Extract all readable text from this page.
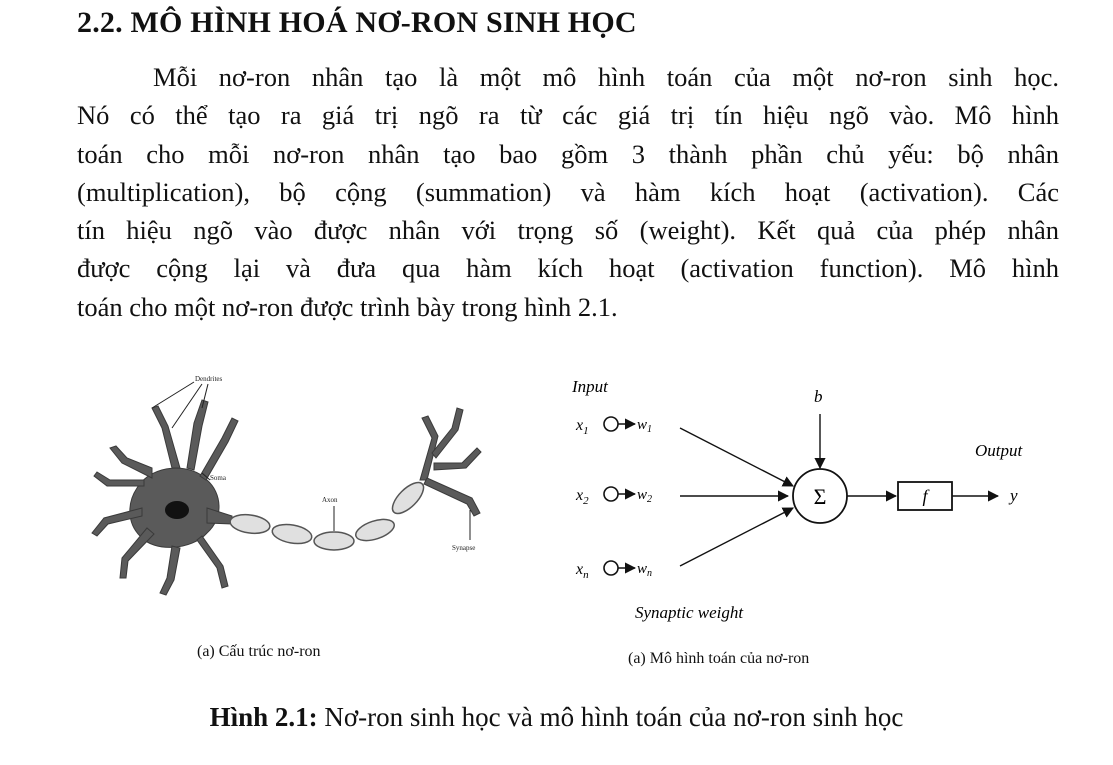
2.2. MÔ HÌNH HOÁ NƠ-RON SINH HỌC
Mỗi nơ-ron nhân tạo là một mô hình toán của một nơ-ron sinh học.
Nó có thể tạo ra giá trị ngõ ra từ các giá trị tín hiệu ngõ vào. Mô hình
toán cho mỗi nơ-ron nhân tạo bao gồm 3 thành phần chủ yếu: bộ nhân
(multiplication), bộ cộng (summation) và hàm kích hoạt (activation). Các
tín hiệu ngõ vào được nhân với trọng số (weight). Kết quả của phép nhân
được cộng lại và đưa qua hàm kích hoạt (activation function). Mô hình
toán cho một nơ-ron được trình bày trong hình 2.1.
Dendrites
Soma
Axon
Synapse
(a) Cấu trúc nơ-ron
Input
b
Output
$x_1$	$w_1$
$x_2$	$w_2$
$x_n$	$w_n$
Σ	f	y
Synaptic weight
(a) Mô hình toán của nơ-ron
Hình 2.1: Nơ-ron sinh học và mô hình toán của nơ-ron sinh học
